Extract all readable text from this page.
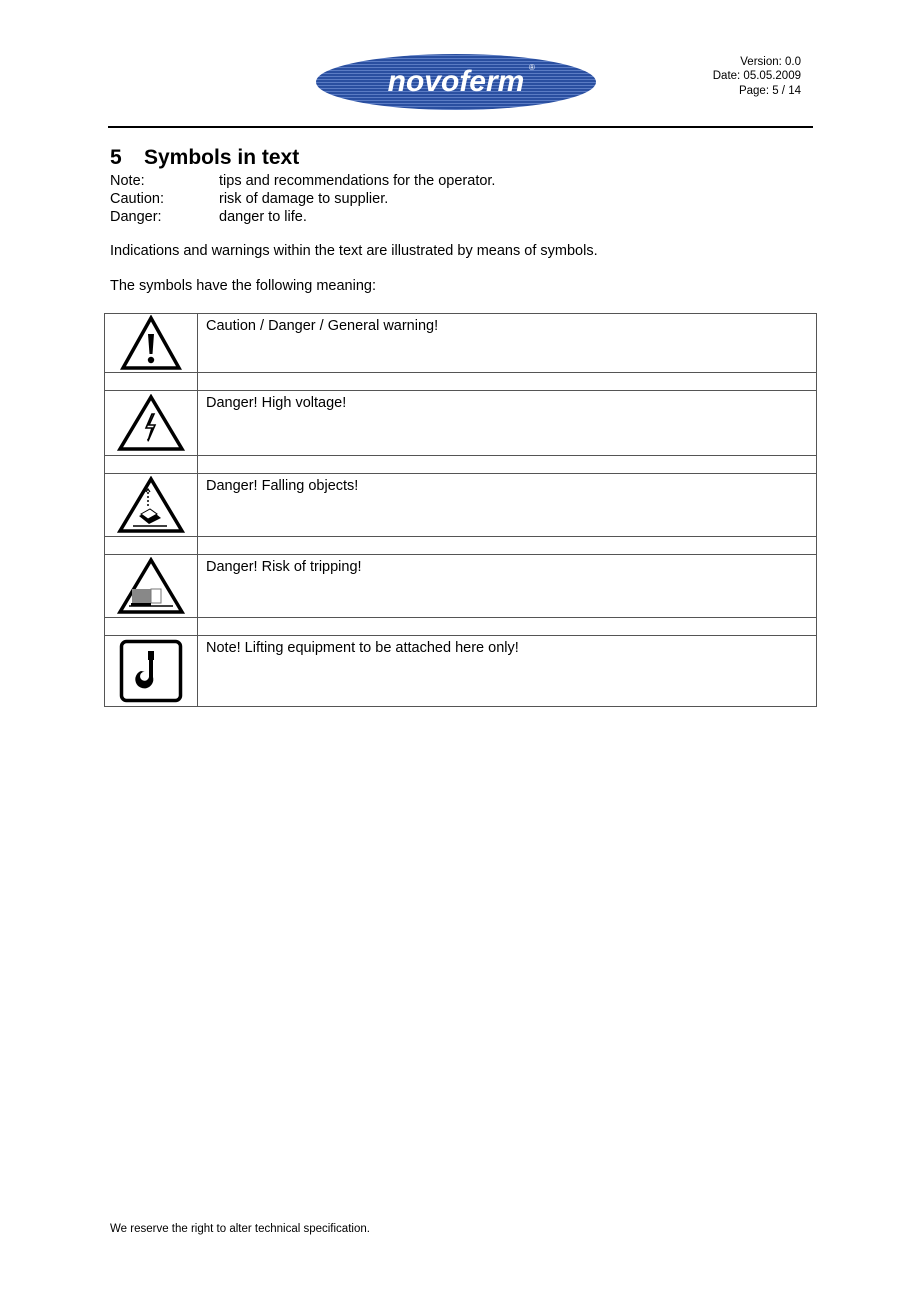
novoferm ®	Version: 0.0
Date: 05.05.2009
Page: 5 / 14
5 Symbols in text
Note:	tips and recommendations for the operator.
Caution:	risk of damage to supplier.
Danger:	danger to life.

Indications and warnings within the text are illustrated by means of symbols.

The symbols have the following meaning:

	Caution / Danger / General warning!

	Danger! High voltage!

	Danger! Falling objects!

	Danger! Risk of tripping!

	Note! Lifting equipment to be attached here only!
We reserve the right to alter technical specification.
